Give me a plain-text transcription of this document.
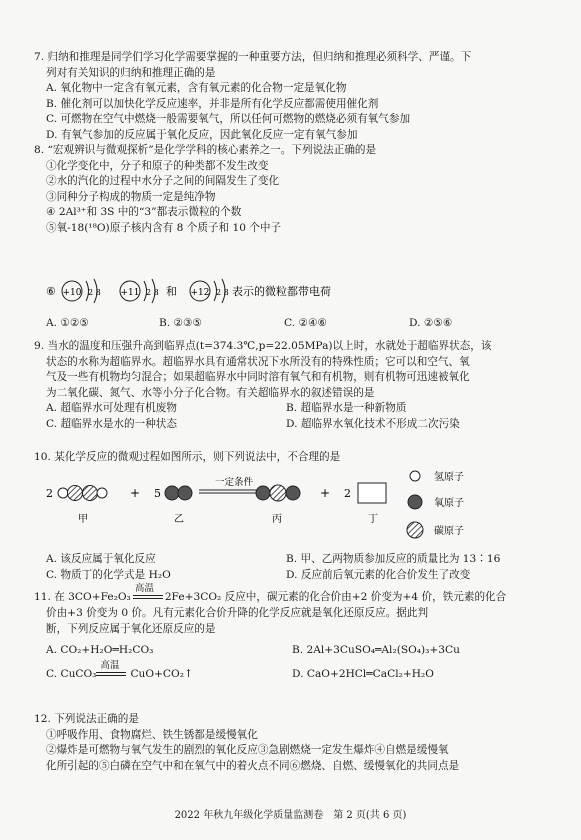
7. 归纳和推理是同学们学习化学需要掌握的一种重要方法，但归纳和推理必须科学、严谨。下
列对有关知识的归纳和推理正确的是
A. 氧化物中一定含有氧元素，含有氧元素的化合物一定是氧化物
B. 催化剂可以加快化学反应速率，并非是所有化学反应都需使用催化剂
C. 可燃物在空气中燃烧一般需要氧气，所以任何可燃物的燃烧必须有氧气参加
D. 有氧气参加的反应属于氧化反应，因此氧化反应一定有氧气参加
8. “宏观辨识与微观探析”是化学学科的核心素养之一。下列说法正确的是
①化学变化中，分子和原子的种类都不发生改变
②水的汽化的过程中水分子之间的间隔发生了变化
③同种分子构成的物质一定是纯净物
④ 2Al³⁺和 3S 中的“3”都表示微粒的个数
⑤氧-18(¹⁸O)原子核内含有 8 个质子和 10 个中子
⑥ +10 2 8 +11 2 8 和 +12 2 8 表示的微粒都带电荷
A. ①②⑤	B. ②③⑤	C. ②④⑥	D. ②⑤⑥
9. 当水的温度和压强升高到临界点(t=374.3℃,p=22.05MPa)以上时，水就处于超临界状态，该
状态的水称为超临界水。超临界水具有通常状况下水所没有的特殊性质；它可以和空气、氧
气及一些有机物均匀混合；如果超临界水中同时溶有氧气和有机物，则有机物可迅速被氧化
为二氧化碳、氮气、水等小分子化合物。有关超临界水的叙述错误的是
A. 超临界水可处理有机废物	B. 超临界水是一种新物质
C. 超临界水是水的一种状态	D. 超临界水氧化技术不形成二次污染
10. 某化学反应的微观过程如图所示，则下列说法中，不合理的是
2
甲
+ 5
乙
一定条件
丙
+ 2
丁
氢原子
氧原子
碳原子
A. 该反应属于氧化反应	B. 甲、乙两物质参加反应的质量比为 13∶16
C. 物质丁的化学式是 H₂O	D. 反应前后氧元素的化合价发生了改变
11. 在 3CO+Fe₂O₃
高温
2Fe+3CO₂ 反应中，碳元素的化合价由+2 价变为+4 价，铁元素的化合
价由+3 价变为 0 价。凡有元素化合价升降的化学反应就是氧化还原反应。据此判
断，下列反应属于氧化还原反应的是
A. CO₂+H₂O═H₂CO₃	B. 2Al+3CuSO₄═Al₂(SO₄)₃+3Cu
C. CuCO₃
高温
CuO+CO₂↑	D. CaO+2HCl═CaCl₂+H₂O
12. 下列说法正确的是
①呼吸作用、食物腐烂、铁生锈都是缓慢氧化
②爆炸是可燃物与氧气发生的剧烈的氧化反应③急剧燃烧一定发生爆炸④自燃是缓慢氧
化所引起的⑤白磷在空气中和在氧气中的着火点不同⑥燃烧、自燃、缓慢氧化的共同点是
2022 年秋九年级化学质量监测卷　第 2 页(共 6 页)
